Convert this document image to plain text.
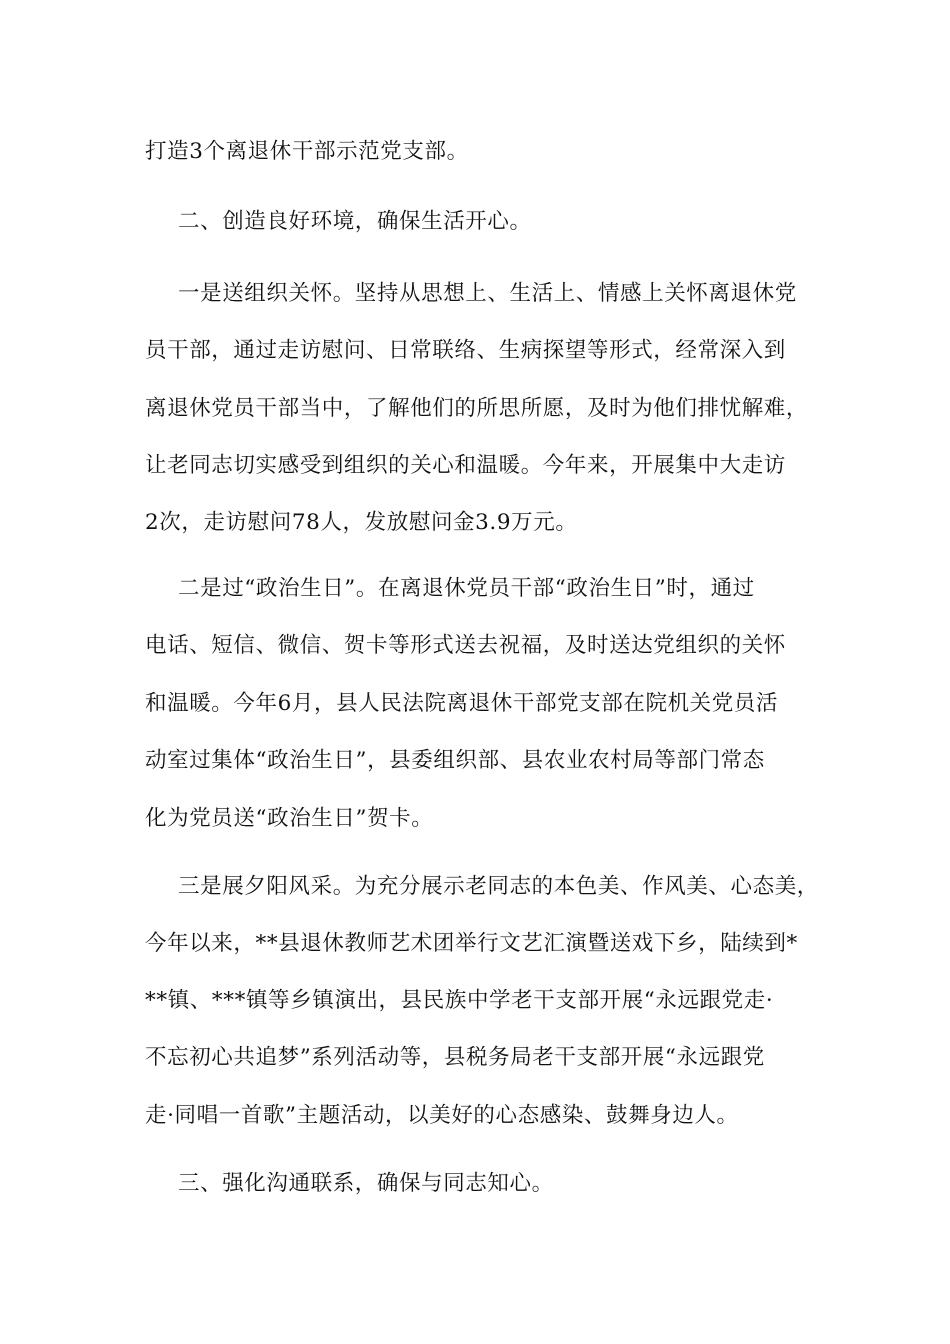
打造3个离退休干部示范党支部。
二、创造良好环境，确保生活开心。
一是送组织关怀。坚持从思想上、生活上、情感上关怀离退休党
员干部，通过走访慰问、日常联络、生病探望等形式，经常深入到
离退休党员干部当中，了解他们的所思所愿，及时为他们排忧解难，
让老同志切实感受到组织的关心和温暖。今年来，开展集中大走访
2次，走访慰问78人，发放慰问金3.9万元。
二是过“政治生日”。在离退休党员干部“政治生日”时，通过
电话、短信、微信、贺卡等形式送去祝福，及时送达党组织的关怀
和温暖。今年6月，县人民法院离退休干部党支部在院机关党员活
动室过集体“政治生日”，县委组织部、县农业农村局等部门常态
化为党员送“政治生日”贺卡。
三是展夕阳风采。为充分展示老同志的本色美、作风美、心态美，
今年以来，**县退休教师艺术团举行文艺汇演暨送戏下乡，陆续到*
**镇、***镇等乡镇演出，县民族中学老干支部开展“永远跟党走·
不忘初心共追梦”系列活动等，县税务局老干支部开展“永远跟党
走·同唱一首歌”主题活动，以美好的心态感染、鼓舞身边人。
三、强化沟通联系，确保与同志知心。
